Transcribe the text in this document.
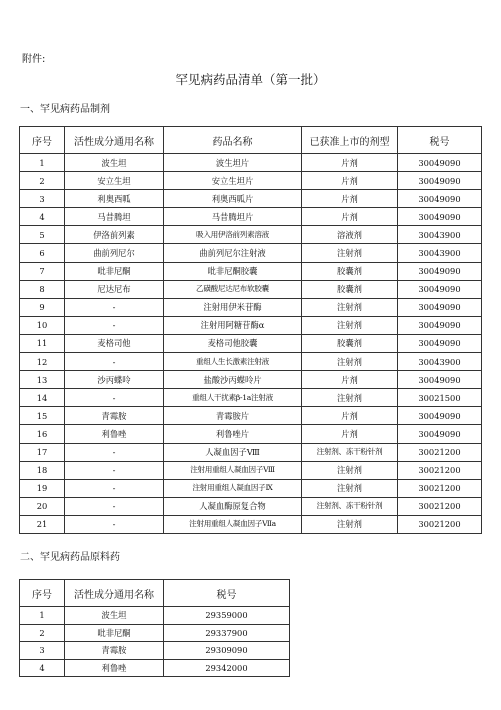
附件:
罕见病药品清单（第一批）
一、罕见病药品制剂
序号	活性成分通用名称	药品名称	已获准上市的剂型	税号
1	波生坦	波生坦片	片剂	30049090
2	安立生坦	安立生坦片	片剂	30049090
3	利奥西呱	利奥西呱片	片剂	30049090
4	马昔腾坦	马昔腾坦片	片剂	30049090
5	伊洛前列素	吸入用伊洛前列素溶液	溶液剂	30043900
6	曲前列尼尔	曲前列尼尔注射液	注射剂	30043900
7	吡非尼酮	吡非尼酮胶囊	胶囊剂	30049090
8	尼达尼布	乙磺酸尼达尼布软胶囊	胶囊剂	30049090
9	-	注射用伊米苷酶	注射剂	30049090
10	-	注射用阿糖苷酶α	注射剂	30049090
11	麦格司他	麦格司他胶囊	胶囊剂	30049090
12	-	重组人生长激素注射液	注射剂	30043900
13	沙丙蝶呤	盐酸沙丙蝶呤片	片剂	30049090
14	-	重组人干扰素β-1a注射液	注射剂	30021500
15	青霉胺	青霉胺片	片剂	30049090
16	利鲁唑	利鲁唑片	片剂	30049090
17	-	人凝血因子Ⅷ	注射剂、冻干粉针剂	30021200
18	-	注射用重组人凝血因子Ⅷ	注射剂	30021200
19	-	注射用重组人凝血因子Ⅸ	注射剂	30021200
20	-	人凝血酶原复合物	注射剂、冻干粉针剂	30021200
21	-	注射用重组人凝血因子Ⅶa	注射剂	30021200
二、罕见病药品原料药
序号	活性成分通用名称	税号
1	波生坦	29359000
2	吡非尼酮	29337900
3	青霉胺	29309090
4	利鲁唑	29342000
